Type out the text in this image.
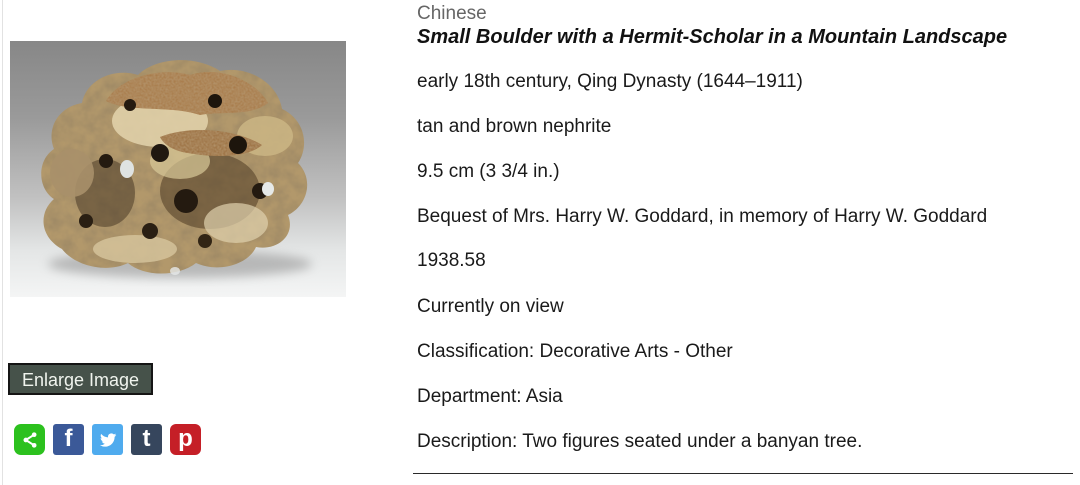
Enlarge Image
f	t p
Chinese
Small Boulder with a Hermit-Scholar in a Mountain Landscape
early 18th century, Qing Dynasty (1644–1911)
tan and brown nephrite
9.5 cm (3 3/4 in.)
Bequest of Mrs. Harry W. Goddard, in memory of Harry W. Goddard
1938.58
Currently on view
Classification: Decorative Arts - Other
Department: Asia
Description: Two figures seated under a banyan tree.
